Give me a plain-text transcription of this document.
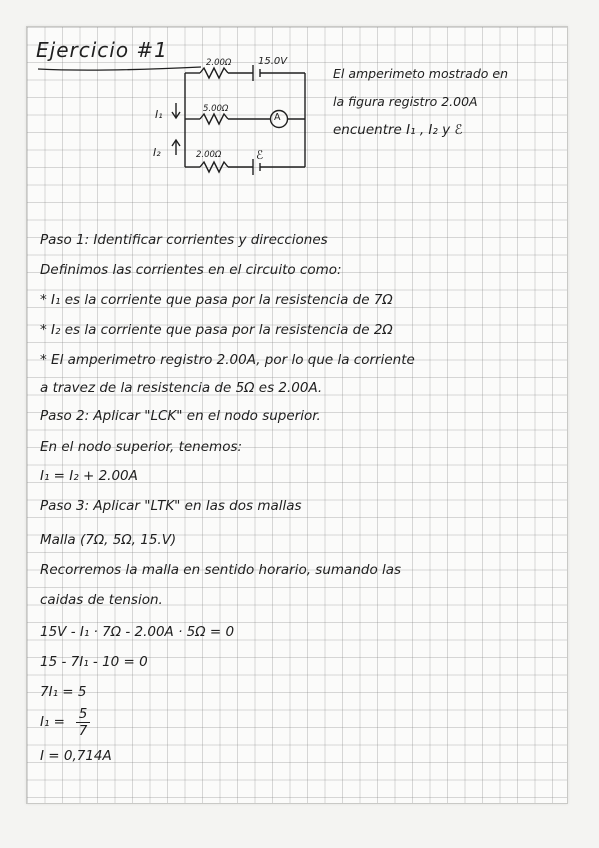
Ejercicio #1
2.00Ω	15.0V
5.00Ω
A
2.00Ω	ℰ
I₁
I₂
El amperimeto mostrado en
la figura registro 2.00A
encuentre I₁ , I₂ y ℰ
Paso 1: Identificar corrientes y direcciones
Definimos las corrientes en el circuito como:
* I₁ es la corriente que pasa por la resistencia de 7Ω
* I₂ es la corriente que pasa por la resistencia de 2Ω
* El amperimetro registro 2.00A, por lo que la corriente
a travez de la resistencia de 5Ω es 2.00A.
Paso 2: Aplicar "LCK" en el nodo superior.
En el nodo superior, tenemos:
I₁ = I₂ + 2.00A
Paso 3: Aplicar "LTK" en las dos mallas
Malla (7Ω, 5Ω, 15.V)
Recorremos la malla en sentido horario, sumando las
caidas de tension.
15V - I₁ · 7Ω - 2.00A · 5Ω = 0
15 - 7I₁ - 10 = 0
7I₁ = 5
I₁ = 5
7
I = 0,714A
